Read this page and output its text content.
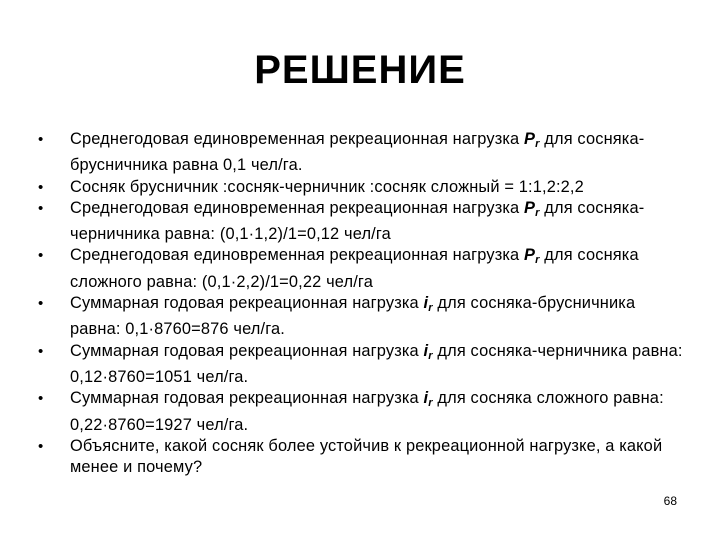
РЕШЕНИЕ
• Среднегодовая единовременная рекреационная нагрузка $P_r$ для сосняка-брусничника равна 0,1 чел/га.
• Сосняк брусничник :сосняк-черничник :сосняк сложный = 1:1,2:2,2
• Среднегодовая единовременная рекреационная нагрузка $P_r$ для сосняка-черничника равна: (0,1·1,2)/1=0,12 чел/га
• Среднегодовая единовременная рекреационная нагрузка $P_r$ для сосняка сложного равна: (0,1·2,2)/1=0,22 чел/га
• Суммарная годовая рекреационная нагрузка $i_r$ для сосняка-брусничника равна: 0,1·8760=876 чел/га.
• Суммарная годовая рекреационная нагрузка $i_r$ для сосняка-черничника равна: 0,12·8760=1051 чел/га.
• Суммарная годовая рекреационная нагрузка $i_r$ для сосняка сложного равна: 0,22·8760=1927 чел/га.
• Объясните, какой сосняк более устойчив к рекреационной нагрузке, а какой менее и почему?
68
